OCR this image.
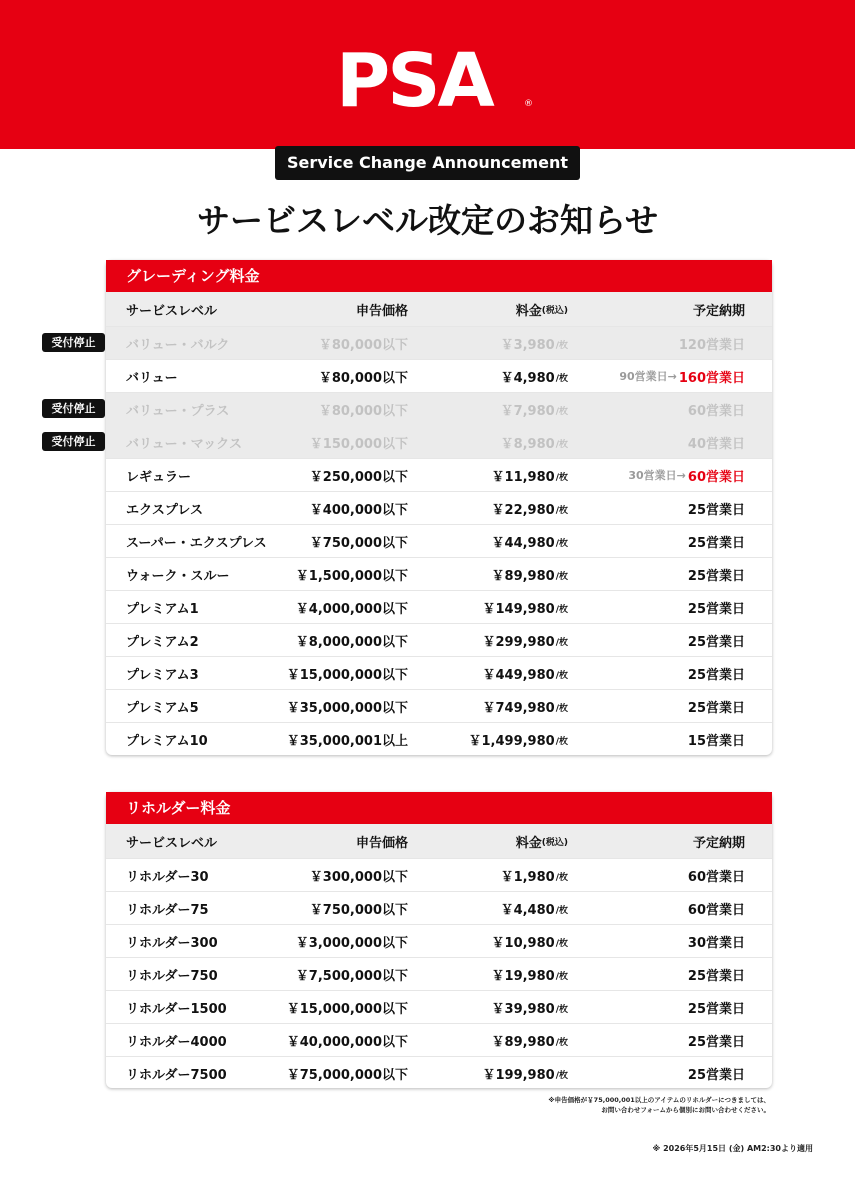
PSA	®
Service Change Announcement
サービスレベル改定のお知らせ
グレーディング料金
サービスレベル	申告価格	料金 (税込)	予定納期
バリュー・バルク	￥80,000以下	￥3,980 /枚	120営業日
バリュー	￥80,000以下	￥4,980 /枚	90営業日→ 160営業日
バリュー・プラス	￥80,000以下	￥7,980 /枚	60営業日
バリュー・マックス	￥150,000以下	￥8,980 /枚	40営業日
レギュラー	￥250,000以下	￥11,980 /枚	30営業日→ 60営業日
エクスプレス	￥400,000以下	￥22,980 /枚	25営業日
スーパー・エクスプレス	￥750,000以下	￥44,980 /枚	25営業日
ウォーク・スルー	￥1,500,000以下	￥89,980 /枚	25営業日
プレミアム1	￥4,000,000以下	￥149,980 /枚	25営業日
プレミアム2	￥8,000,000以下	￥299,980 /枚	25営業日
プレミアム3	￥15,000,000以下	￥449,980 /枚	25営業日
プレミアム5	￥35,000,000以下	￥749,980 /枚	25営業日
プレミアム10	￥35,000,001以上	￥1,499,980 /枚	15営業日
リホルダー料金
サービスレベル	申告価格	料金 (税込)	予定納期
リホルダー30	￥300,000以下	￥1,980 /枚	60営業日
リホルダー75	￥750,000以下	￥4,480 /枚	60営業日
リホルダー300	￥3,000,000以下	￥10,980 /枚	30営業日
リホルダー750	￥7,500,000以下	￥19,980 /枚	25営業日
リホルダー1500	￥15,000,000以下	￥39,980 /枚	25営業日
リホルダー4000	￥40,000,000以下	￥89,980 /枚	25営業日
リホルダー7500	￥75,000,000以下	￥199,980 /枚	25営業日
受付停止
受付停止
受付停止
※申告価格が￥75,000,001以上のアイテムのリホルダーにつきましては、
お問い合わせフォームから個別にお問い合わせください。
※ 2026年5月15日 (金) AM2:30より適用
